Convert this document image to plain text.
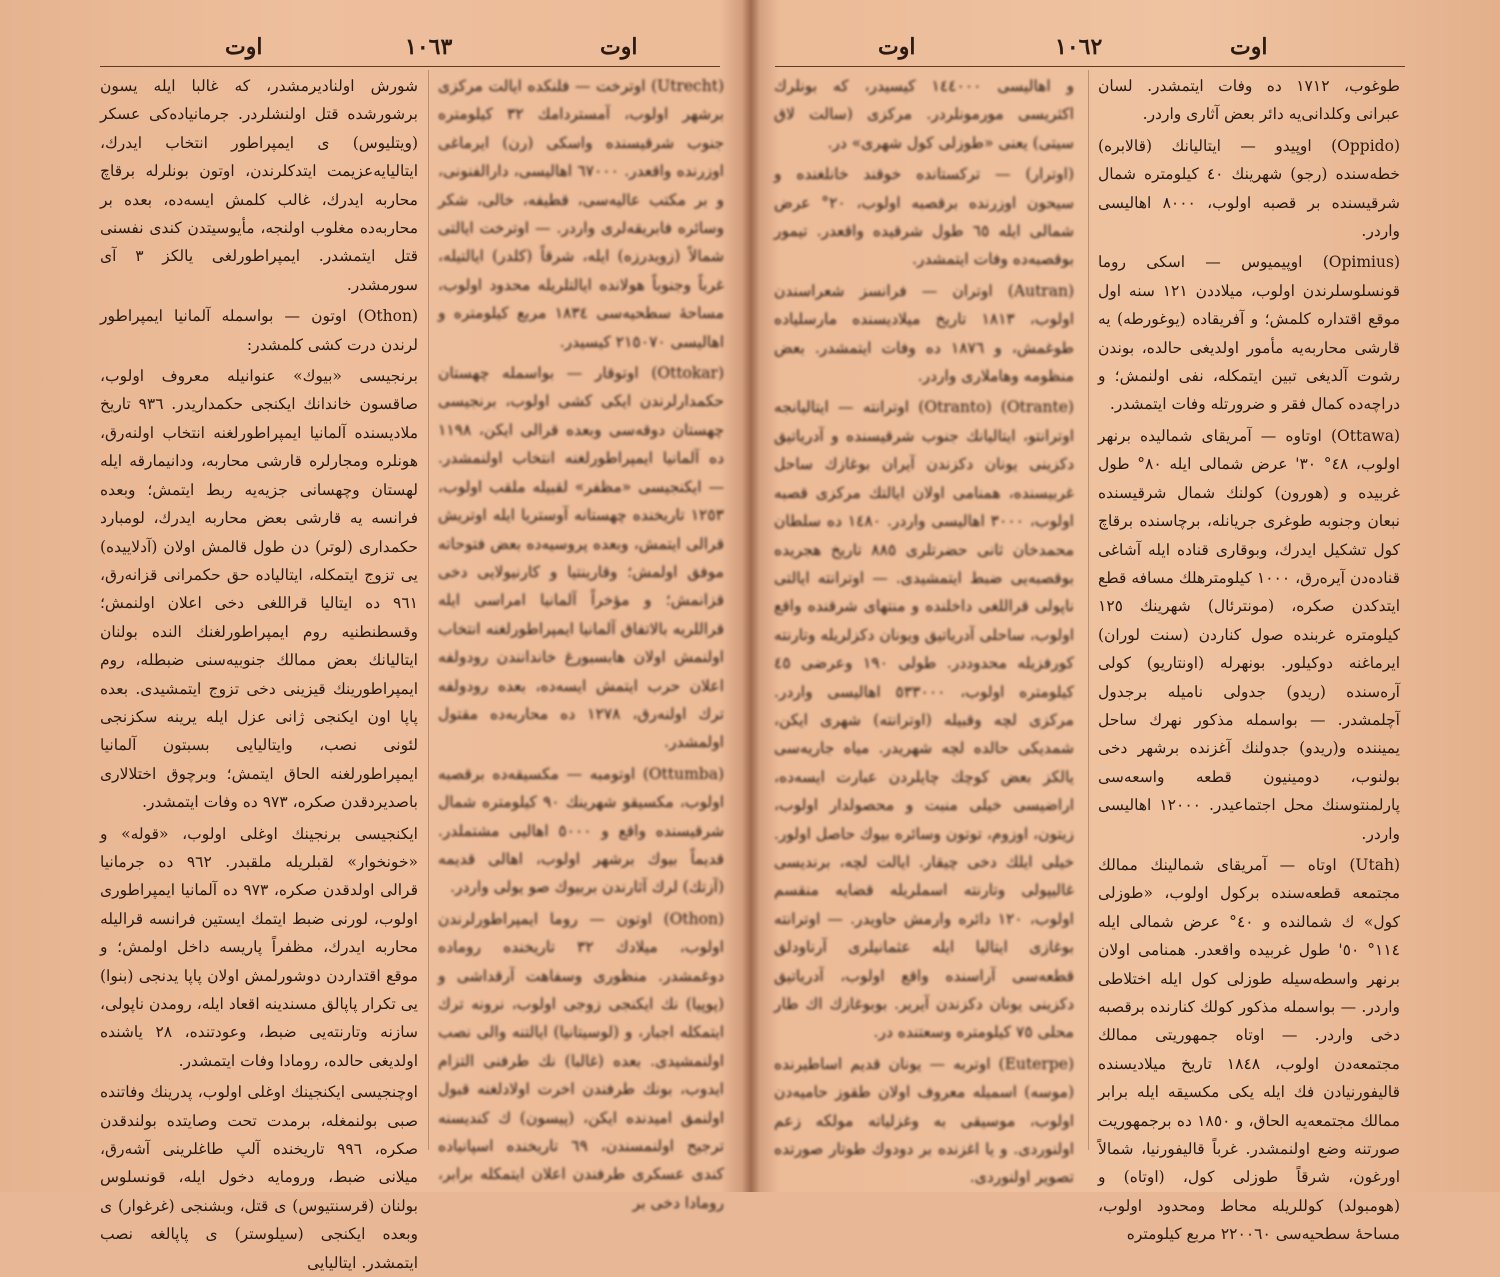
اوت	١٠٦٣	اوت
شورش اولنادیرمشدر، كه غالبا ایله یسون برشورشده قتل اولنشلردر. جرمانیاده‌كی عسكر (ویتلیوس) ی ایمپراطور انتخاب ایدرك، ایتالیایه‌عزیمت ایتدكلرندن، اوتون بونلرله برقاچ محاربه ایدرك، غالب كلمش ایسه‌ده، بعده بر محاربه‌ده مغلوب اولنجه، مأیوسیتدن كندی نفسنی قتل ایتمشدر. ایمپراطورلغی یالكز ٣ آی سورمشدر.
(Othon) اوتون — بواسمله آلمانیا ایمپراطور لرندن درت كشی كلمشدر:
برنجیسی «بیوك» عنوانیله معروف اولوب، صاقسون خاندانك ایكنجی حكمداریدر. ٩٣٦ تاریخ ملادیسنده آلمانیا ایمپراطورلغنه انتخاب اولنه‌رق، هونلره ومجارلره قارشی محاربه، ودانیمارقه ایله لهستان وچهسانی جزیه‌یه ربط ایتمش؛ وبعده فرانسه یه قارشی بعض محاربه ایدرك، لومبارد حكمداری (لوتر) دن طول قالمش اولان (آدلاییده) یی تزوج ایتمكله، ایتالیاده حق حكمرانی قزانه‌رق، ٩٦١ ده ایتالیا قراللغی دخی اعلان اولنمش؛ وقسطنطنیه روم ایمپراطورلغنك النده بولنان ایتالیانك بعض ممالك جنوبیه‌سنی ضبطله، روم ایمپراطورینك قیزینی دخی تزوج ایتمشیدی. بعده پاپا اون ایكنجی ژانی عزل ایله یرینه سكزنجی لئونی نصب، وایتالیایی بسبتون آلمانیا ایمپراطورلغنه الحاق ایتمش؛ وبرچوق اختلالاری باصدیردقدن صكره، ٩٧٣ ده وفات ایتمشدر.
ایكنجیسی برنجینك اوغلی اولوب، «قوله» و «خونخوار» لقبلریله ملقبدر. ٩٦٢ ده جرمانیا قرالی اولدقدن صكره، ٩٧٣ ده آلمانیا ایمپراطوری اولوب، لورنی ضبط ایتمك ایستین فرانسه قرالیله محاربه ایدرك، مظفراً پاریسه داخل اولمش؛ و موقع اقتداردن دوشورلمش اولان پاپا یدنجی (بنوا) یی تكرار پاپالق مسندینه اقعاد ایله، رومدن ناپولی، سازنه وتارنته‌یی ضبط، وعودتنده، ٢٨ یاشنده اولدیغی حالده، رومادا وفات ایتمشدر.
اوچنجیسی ایكنجینك اوغلی اولوب، پدرینك وفاتنده صبی بولنمغله، برمدت تحت وصایتده بولندقدن صكره، ٩٩٦ تاریخنده آلپ طاغلرینی آشه‌رق، میلانی ضبط، ورومایه دخول ایله، قونسلوس بولنان (قرسنتیوس) ی قتل، وبشنجی (غرغوار) ی وبعده ایكنجی (سیلوستر) ی پاپالغه نصب ایتمشدر. ایتالیایی
(Utrecht) اوترخت — فلنكده ایالت مركزی برشهر اولوب، آمستردامك ٣٢ كیلومتره جنوب شرقیسنده واسكی (رن) ایرماغی اوزرنده واقعدر. ٦٧٠٠٠ اهالیسی، دارالفنونی، و بر مكتب عالیه‌سی، قطیفه، خالی، شكر وسائره فابریقه‌لری واردر. — اوترخت ایالتی شمالاً (زویدرزه) ایله، شرقاً (كلدر) ایالتیله، غرباً وجنوباً هولانده ایالتلریله محدود اولوب، مساحهٔ سطحیه‌سی ١٨٣٤ مربع كیلومتره و اهالیسی ٢١٥٠٧٠ كیسیدر.
(Ottokar) اوتوقار — بواسمله چهستان حكمدارلرندن ایكی كشی اولوب، برنجیسی چهستان دوقه‌سی وبعده قرالی ایكن، ١١٩٨ ده آلمانیا ایمپراطورلغنه انتخاب اولنمشدر. — ایكنجیسی «مظفر» لقبیله ملقب اولوب، ١٢٥٣ تاریخنده چهستانه آوستریا ایله اوتریش قرالی ایتمش، وبعده پروسیه‌ده بعض فتوحاته موفق اولمش؛ وقارینتیا و كارنیولایی دخی قزانمش؛ و مؤخراً آلمانیا امراسی ایله قراللریه بالاتفاق آلمانیا ایمپراطورلغنه انتخاب اولنمش اولان هابسبورغ خاندانندن رودولفه اعلان حرب ایتمش ایسه‌ده، بعده رودولفه ترك اولنه‌رق، ١٢٧٨ ده محاربه‌ده مقتول اولمشدر.
(Ottumba) اوتومبه — مكسیقه‌ده برقصبه اولوب، مكسیقو شهرینك ٩٠ كیلومتره شمال شرقیسنده واقع و ٥٠٠٠ اهالیی مشتملدر. قدیماً بیوك برشهر اولوب، اهالی قدیمه (آزتك) لرك آثارندن بربیوك صو یولی واردر.
(Othon) اوتون — روما ایمپراطورلرندن اولوب، میلادك ٣٢ تاریخنده روماده دوغمشدر. منظوری وسفاهت آرقداشی و (پوپیا) نك ایكنجی زوجی اولوب، نرونه ترك ایتمكله اجبار، و (لوسیتانیا) ایالتنه والی نصب اولنمشیدی. بعده (غالبا) نك طرفنی التزام ایدوب، بونك طرفندن اخرت اولادلغنه قبول اولنمق امیدنده ایكن، (پیسون) ك كندیسنه ترجیح اولنمسندن، ٦٩ تاریخنده اسپانیاده كندی عسكری طرفندن اعلان ایتمكله برابر، رومادا دخی بر
اوت	١٠٦٢	اوت
و اهالیسی ١٤٤٠٠٠ كیسیدر، كه بونلرك اكثریسی مورمونلردر. مركزی (سالت لاق سیتی) یعنی «طوزلی كول شهری» در.
(اوترار) — تركستانده خوقند خانلغنده و سیحون اوزرنده برقصبه اولوب، ٢٠° عرض شمالی ایله ٦٥ طول شرقیده واقعدر. تیمور بوقصبه‌ده وفات ایتمشدر.
(Autran) اوتران — فرانسز شعراسندن اولوب، ١٨١٣ تاریخ میلادیسنده مارسلیاده طوغمش، و ١٨٧٦ ده وفات ایتمشدر. بعض منظومه وهاملاری واردر.
(Otrante) (Otranto) اوترانته — ایتالیانجه اوترانتو، ایتالیانك جنوب شرقیسنده و آدریاتیق دكزینی یونان دكزندن آیران بوغازك ساحل غربیسنده، همنامی اولان ایالتك مركزی قصبه اولوب، ٣٠٠٠ اهالیسی واردر. ١٤٨٠ ده سلطان محمدخان ثانی حضرتلری ٨٨٥ تاریخ هجریده بوقصبه‌یی ضبط ایتمشیدی. — اوترانته ایالتی ناپولی قراللغی داخلنده و منتهای شرقنده واقع اولوب، ساحلی آدریاتیق ویونان دكزلریله وتارنته كورفزیله محدوددر. طولی ١٩٠ وعرضی ٤٥ كیلومتره اولوب، ٥٣٣٠٠٠ اهالیسی واردر. مركزی لچه وقبیله (اوترانته) شهری ایكن، شمدیكی حالده لچه شهریدر. میاه جاریه‌سی یالكز بعض كوچك چایلردن عبارت ایسه‌ده، اراضیسی خیلی منبت و محصولدار اولوب، زیتون، اوزوم، توتون وسائره بیوك حاصل اولور. خیلی ایلك دخی چیقار. ایالت لچه، برندیسی غالیپولی وتارنته اسملریله قضایه منقسم اولوب، ١٢٠ دائره وارمش حاویدر. — اوترانته بوغازی ایتالیا ایله عثمانیلری آرناودلق قطعه‌سی آراسنده واقع اولوب، آدریاتیق دكزینی یونان دكزندن آیریر. بوبوغازك اك طار محلی ٧٥ كیلومتره وسعتنده در.
(Euterpe) اوتربه — یونان قدیم اساطیرنده (موسه) اسمیله معروف اولان طقوز حامیه‌دن اولوب، موسیقی به وغزلیاته مولكه زعم اولنوردی. و یا اغزنده بر دودوك طوتار صورتده تصویر اولنوردی.
طوغوب، ١٧١٢ ده وفات ایتمشدر. لسان عبرانی وكلدانی‌یه دائر بعض آثاری واردر.
(Oppido) اوپیدو — ایتالیانك (قالابره) خطه‌سنده (رجو) شهرینك ٤٠ كیلومتره شمال شرقیسنده بر قصبه اولوب، ٨٠٠٠ اهالیسی واردر.
(Opimius) اوپیمیوس — اسكی روما قونسلوسلرندن اولوب، میلاددن ١٢١ سنه اول موقع اقتداره كلمش؛ و آفریقاده (یوغورطه) یه قارشی محاربه‌یه مأمور اولدیغی حالده، بوندن رشوت آلدیغی تبین ایتمكله، نفی اولنمش؛ و دراچه‌ده كمال فقر و ضرورتله وفات ایتمشدر.
(Ottawa) اوتاوه — آمریقای شمالیده برنهر اولوب، ٤٨° ٣٠' عرض شمالی ایله ٨٠° طول غربیده و (هورون) كولنك شمال شرقیسنده نبعان وجنوبه طوغری جریانله، برچاسنده برقاچ كول تشكیل ایدرك، وبوقاری قناده ایله آشاغی قناده‌دن آیره‌رق، ١٠٠٠ كیلومترهلك مسافه قطع ایتدكدن صكره، (مونترئال) شهرینك ١٢٥ كیلومتره غربنده صول كناردن (سنت لوران) ایرماغنه دوكیلور. بونهرله (اونتاریو) كولی آره‌سنده (ریدو) جدولی نامیله برجدول آچلمشدر. — بواسمله مذكور نهرك ساحل یمیننده و(ریدو) جدولنك آغزنده برشهر دخی بولنوب، دومینیون قطعه واسعه‌سی پارلمنتوسنك محل اجتماعیدر. ١٢٠٠٠ اهالیسی واردر.
(Utah) اوتاه — آمریقای شمالینك ممالك مجتمعه قطعه‌سنده بركول اولوب، «طوزلی كول» ك شمالنده و ٤٠° عرض شمالی ایله ١١٤° ٥٠' طول غربیده واقعدر. همنامی اولان برنهر واسطه‌سیله طوزلی كول ایله اختلاطی واردر. — بواسمله مذكور كولك كنارنده برقصبه دخی واردر. — اوتاه جمهوریتی ممالك مجتمعه‌دن اولوب، ١٨٤٨ تاریخ میلادیسنده قالیفورنیادن فك ایله یكی مكسیقه ایله برابر ممالك مجتمعه‌یه الحاق، و ١٨٥٠ ده برجمهوریت صورتنه وضع اولنمشدر. غرباً قالیفورنیا، شمالاً اورغون، شرقاً طوزلی كول، (اوتاه) و (هومبولد) كوللریله محاط ومحدود اولوب، مساحهٔ سطحیه‌سی ٢٢٠٠٦٠ مربع كیلومتره
